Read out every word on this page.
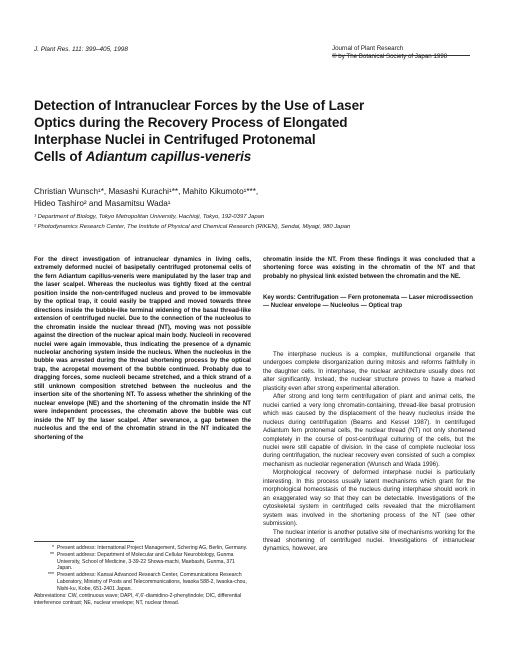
J. Plant Res. 111: 399–405, 1998	Journal of Plant Research
© by The Botanical Society of Japan 1998
Detection of Intranuclear Forces by the Use of Laser
Optics during the Recovery Process of Elongated
Interphase Nuclei in Centrifuged Protonemal
Cells of Adiantum capillus-veneris
Christian Wunsch¹*, Masashi Kurachi¹**, Mahito Kikumoto¹***,
Hideo Tashiro² and Masamitsu Wada¹
¹ Department of Biology, Tokyo Metropolitan University, Hachioji, Tokyo, 192-0397 Japan
² Photodynamics Research Center, The Institute of Physical and Chemical Research (RIKEN), Sendai, Miyagi, 980 Japan
For the direct investigation of intranuclear dynamics in living cells, extremely deformed nuclei of basipetally centrifuged protonemal cells of the fern Adiantum capillus-veneris were manipulated by the laser trap and the laser scalpel. Whereas the nucleolus was tightly fixed at the central position inside the non-centrifuged nucleus and proved to be immovable by the optical trap, it could easily be trapped and moved towards three directions inside the bubble-like terminal widening of the basal thread-like extension of centrifuged nuclei. Due to the connection of the nucleolus to the chromatin inside the nuclear thread (NT), moving was not possible against the direction of the nuclear apical main body. Nucleoli in recovered nuclei were again immovable, thus indicating the presence of a dynamic nucleolar anchoring system inside the nucleus. When the nucleolus in the bubble was arrested during the thread shortening process by the optical trap, the acropetal movement of the bubble continued. Probably due to dragging forces, some nucleoli became stretched, and a thick strand of a still unknown composition stretched between the nucleolus and the insertion site of the shortening NT. To assess whether the shrinking of the nuclear envelope (NE) and the shortening of the chromatin inside the NT were independent processes, the chromatin above the bubble was cut inside the NT by the laser scalpel. After severance, a gap between the nucleolus and the end of the chromatin strand in the NT indicated the shortening of the
chromatin inside the NT. From these findings it was concluded that a shortening force was existing in the chromatin of the NT and that probably no physical link existed between the chromatin and the NE.
Key words: Centrifugation — Fern protonemata — Laser microdissection — Nuclear envelope — Nucleolus — Optical trap
* Present address: International Project Management, Schering AG, Berlin, Germany.
** Present address: Department of Molecular and Cellular Neurobiology, Gunma University, School of Medicine, 3-39-22 Showa-machi, Maebashi, Gunma, 371 Japan.
*** Present address: Kansai Advanced Research Center, Communications Research Laboratory, Ministry of Posts and Telecommunications, Iwaoka 588-2, Iwaoka-chou, Nishi-ku, Kobe, 651-2401 Japan.
Abbreviations: CW, continuous wave; DAPI, 4',6'-diamidino-2-phenylindole; DIC, differential interference contrast; NE, nuclear envelope; NT, nuclear thread.

The interphase nucleus is a complex, multifunctional organelle that undergoes complete disorganization during mitosis and reforms faithfully in the daughter cells. In interphase, the nuclear architecture usually does not alter significantly. Instead, the nuclear structure proves to have a marked plasticity even after strong experimental alteration.

After strong and long term centrifugation of plant and animal cells, the nuclei carried a very long chromatin-containing, thread-like basal protrusion which was caused by the displacement of the heavy nucleolus inside the nucleus during centrifugation (Beams and Kessel 1987). In centrifuged Adiantum fern protonemal cells, the nuclear thread (NT) not only shortened completely in the course of post-centrifugal culturing of the cells, but the nuclei were still capable of division. In the case of complete nucleolar loss during centrifugation, the nuclear recovery even consisted of such a complex mechanism as nucleolar regeneration (Wunsch and Wada 1996).

Morphological recovery of deformed interphase nuclei is particularly interesting. In this process usually latent mechanisms which grant for the morphological homeostasis of the nucleus during interphase should work in an exaggerated way so that they can be detectable. Investigations of the cytoskeletal system in centrifuged cells revealed that the microfilament system was involved in the shortening process of the NT (see other submission).

The nuclear interior is another putative site of mechanisms working for the thread shortening of centrifuged nuclei. Investigations of intranuclear dynamics, however, are
